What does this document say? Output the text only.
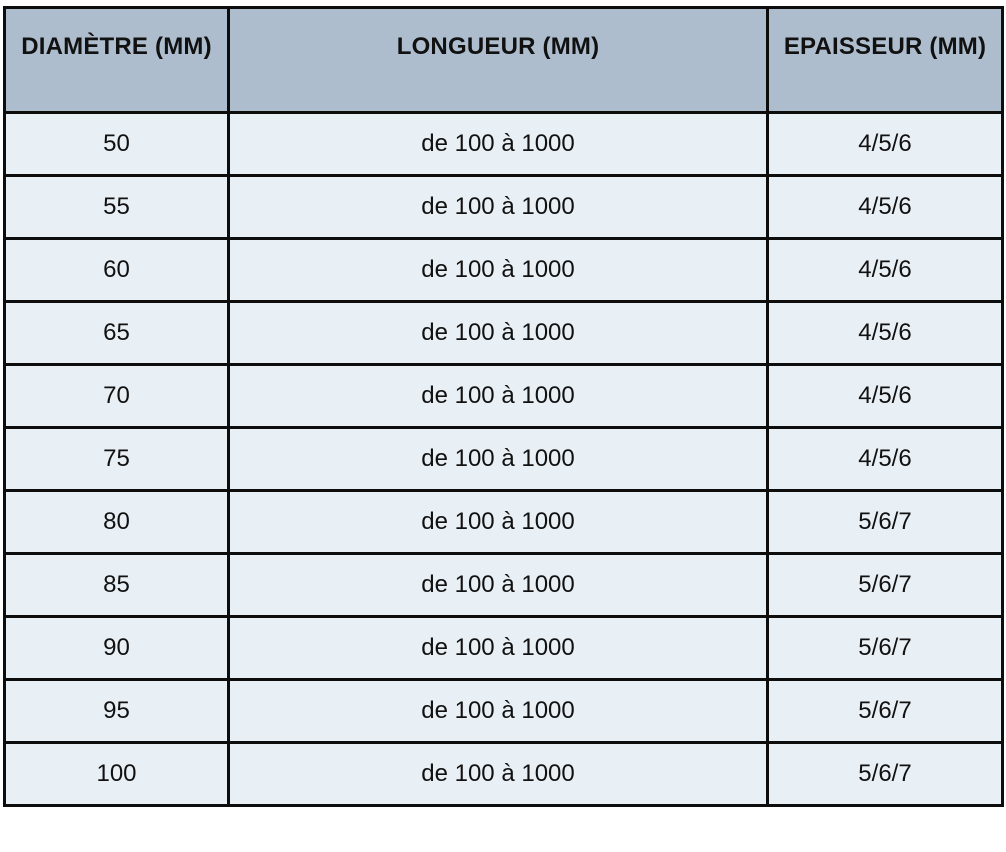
DIAMÈTRE (MM)	LONGUEUR (MM)	EPAISSEUR (MM)

50	de 100 à 1000	4/5/6
55	de 100 à 1000	4/5/6
60	de 100 à 1000	4/5/6
65	de 100 à 1000	4/5/6
70	de 100 à 1000	4/5/6
75	de 100 à 1000	4/5/6
80	de 100 à 1000	5/6/7
85	de 100 à 1000	5/6/7
90	de 100 à 1000	5/6/7
95	de 100 à 1000	5/6/7
100	de 100 à 1000	5/6/7
